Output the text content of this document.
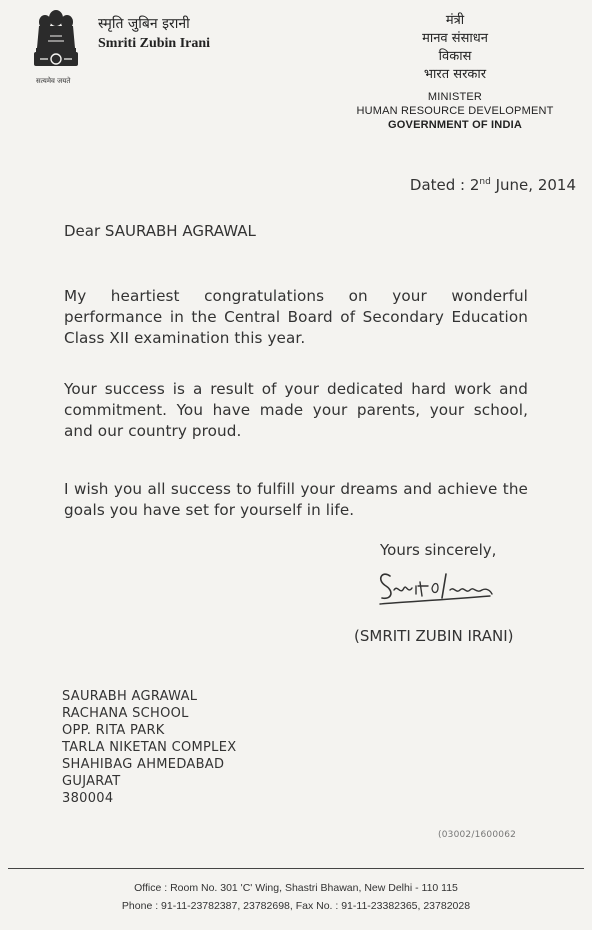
सत्यमेव जयते
स्मृति जुबिन इरानी
Smriti Zubin Irani

मंत्री

मानव संसाधन

विकास

भारत सरकार

MINISTER

HUMAN RESOURCE DEVELOPMENT

GOVERNMENT OF INDIA

Dated : 2nd June, 2014
Dear SAURABH AGRAWAL

My heartiest congratulations on your wonderful performance in the Central Board of Secondary Education Class XII examination this year.

Your success is a result of your dedicated hard work and commitment. You have made your parents, your school, and our country proud.

I wish you all success to fulfill your dreams and achieve the goals you have set for yourself in life.

Yours sincerely,
(SMRITI ZUBIN IRANI)
SAURABH AGRAWAL
RACHANA SCHOOL
OPP. RITA PARK
TARLA NIKETAN COMPLEX
SHAHIBAG AHMEDABAD
GUJARAT
380004
(03002/1600062
Office : Room No. 301 'C' Wing, Shastri Bhawan, New Delhi - 110 115
Phone : 91-11-23782387, 23782698, Fax No. : 91-11-23382365, 23782028
